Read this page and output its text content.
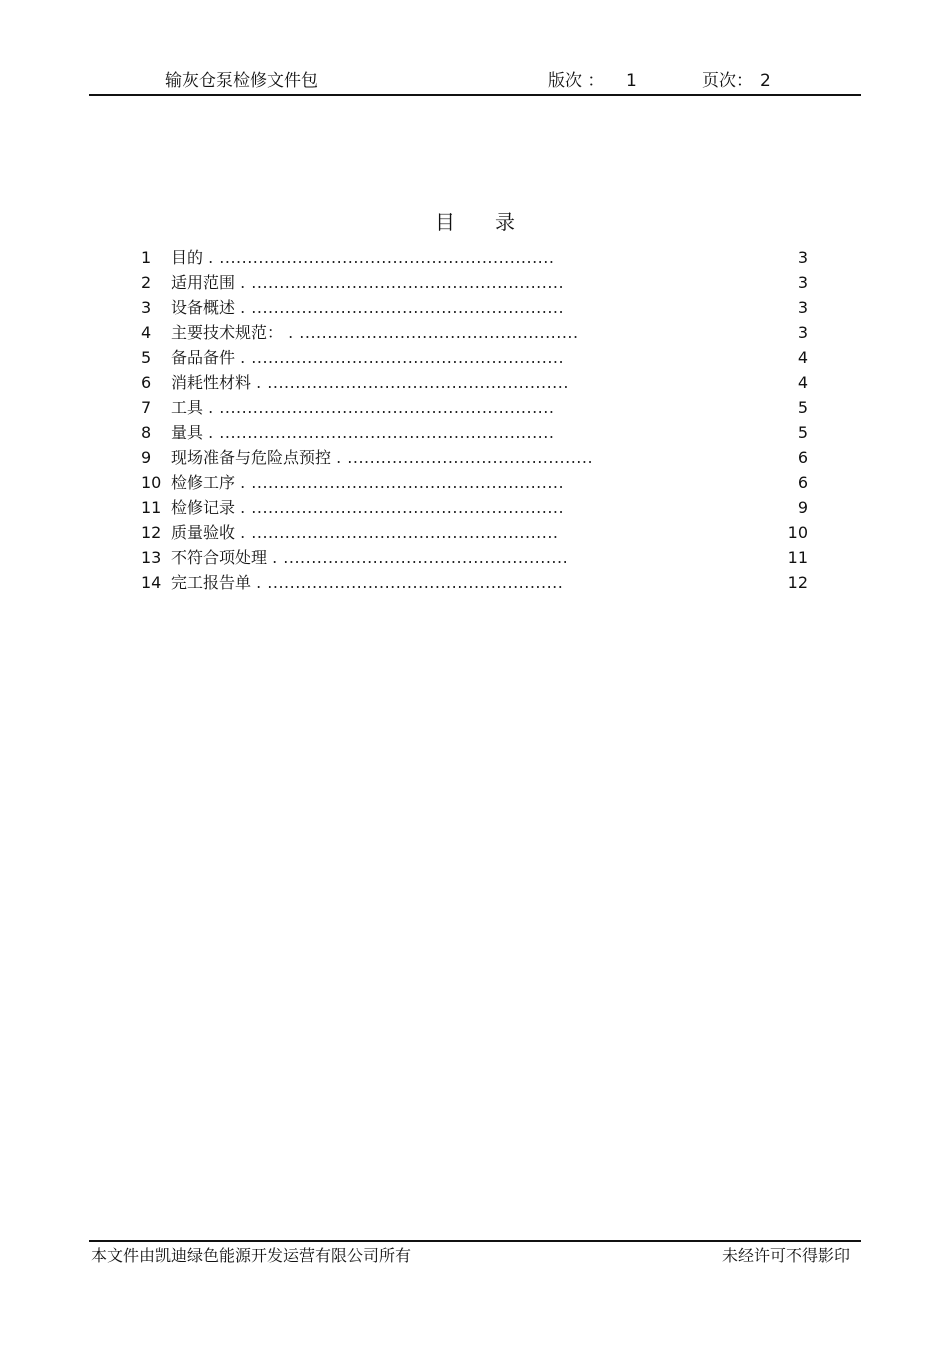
输灰仓泵检修文件包	版次 ： 1	页次： 2
目录
1 目的 . ............................................................	3
2 适用范围 . ........................................................	3
3 设备概述 . ........................................................	3
4 主要技术规范： . ..................................................	3
5 备品备件 . ........................................................	4
6 消耗性材料 . ......................................................	4
7 工具 . ............................................................	5
8 量具 . ............................................................	5
9 现场准备与危险点预控 . ............................................	6
10 检修工序 . ........................................................	6
11 检修记录 . ........................................................	9
12 质量验收 . .......................................................	10
13 不符合项处理 . ...................................................	11
14 完工报告单 . .....................................................	12
本文件由凯迪绿色能源开发运营有限公司所有	未经许可不得影印
